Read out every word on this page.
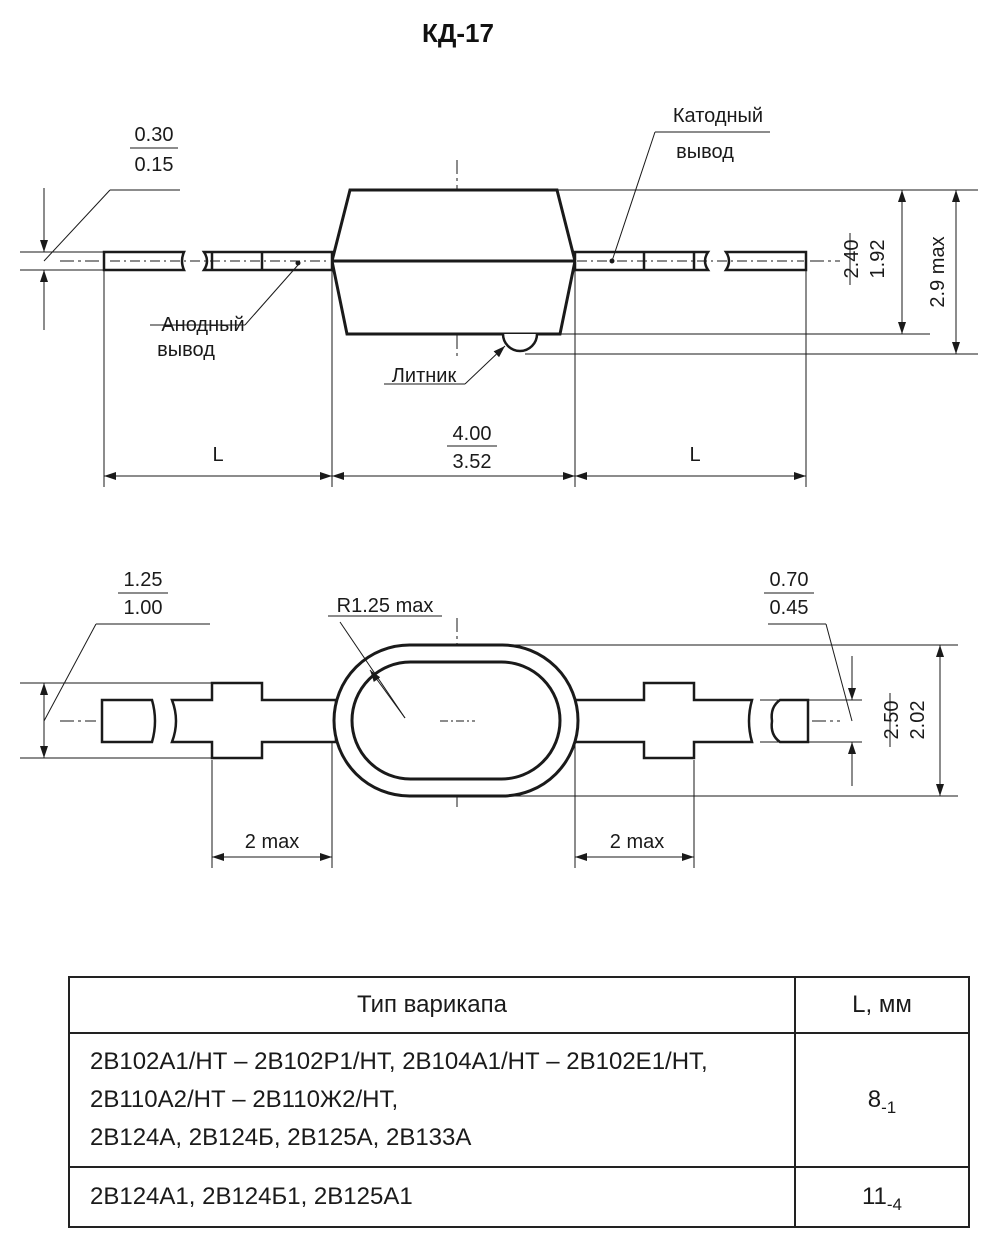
КД-17
0.30
0.15
Катодный
вывод
Анодный
вывод
Литник
4.00
3.52
L	L
2.40 1.92 2.9 max
1.25
1.00	R1.25 max
0.70
0.45
2 max	2 max
2.50 2.02
Тип варикапа	L, мм

2В102А1/НТ – 2В102Р1/НТ, 2В104А1/НТ – 2В102Е1/НТ,
2В110А2/НТ – 2В110Ж2/НТ,
2В124А, 2В124Б, 2В125А, 2В133А	$8_{-1}$

2В124А1, 2В124Б1, 2В125А1	$11_{-4}$
